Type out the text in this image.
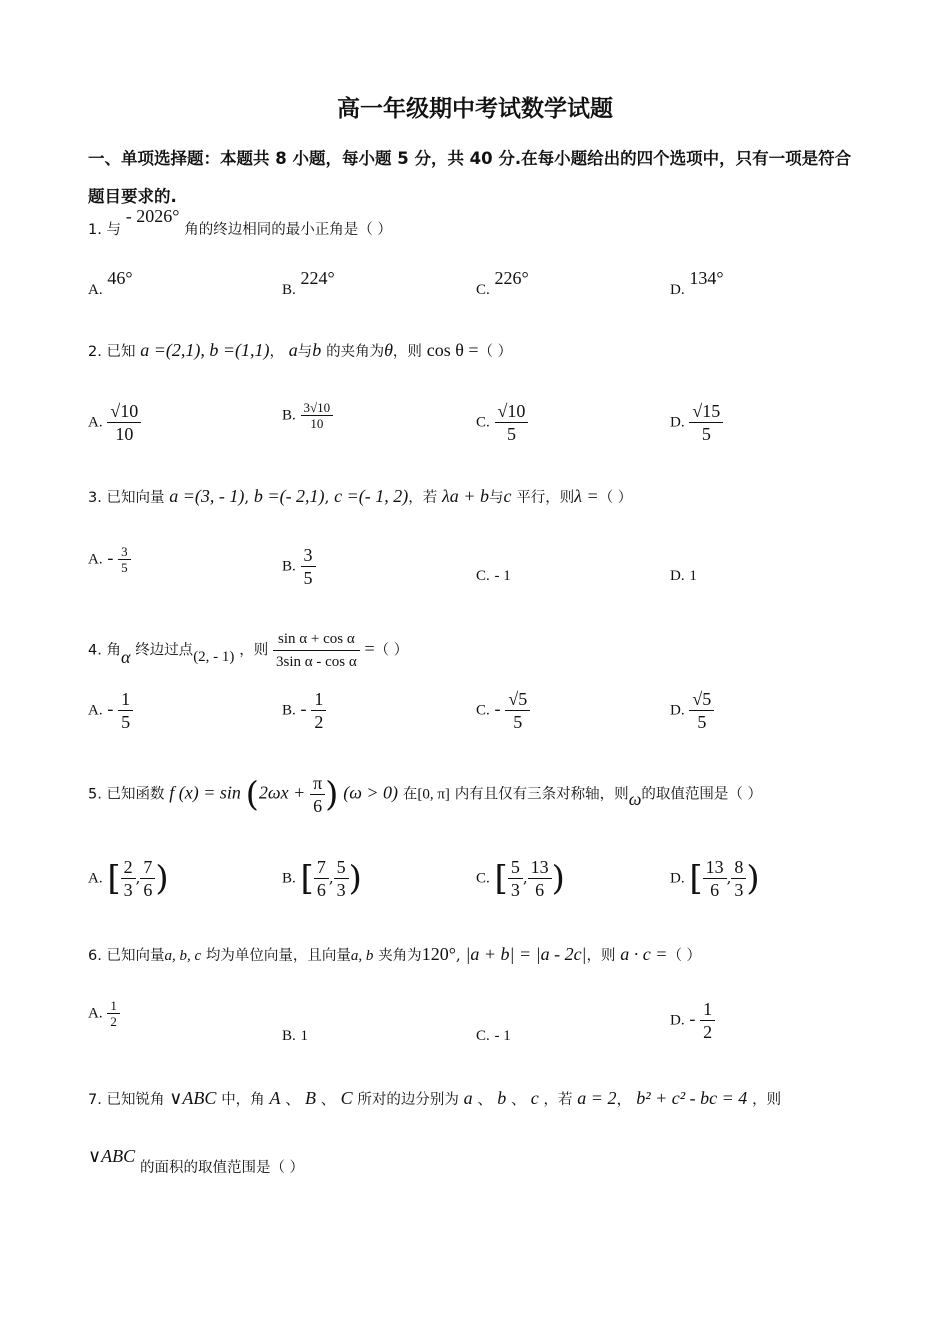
高一年级期中考试数学试题
一、单项选择题：本题共 8 小题，每小题 5 分，共 40 分.在每小题给出的四个选项中，只有一项是符合题目要求的.
1. 与 - 2026° 角的终边相同的最小正角是（ ）
A. 46°
B. 224°
C. 226°
D. 134°
2. 已知 a =(2,1), b =(1,1)， a与b 的夹角为θ，则 cos θ =（ ）
A. $\frac{√10}{10}$	B. $\frac{3√10}{10}$	C. $\frac{√10}{5}$	D. $\frac{√15}{5}$
3. 已知向量 a =(3, - 1), b =(- 2,1), c =(- 1, 2)，若 λa + b与c 平行，则λ =（ ）
A. - $\frac{3}{5}$	B. $\frac{3}{5}$	C. - 1	D. 1
4. 角α 终边过点(2, - 1) ，则 $\frac{\text{sin α + cos α}}{\text{3sin α - cos α}}$ =（ ）
A. - $\frac{1}{5}$	B. - $\frac{1}{2}$	C. - $\frac{√5}{5}$	D. $\frac{√5}{5}$
5. 已知函数 f $(x) = \sin (2\omega x + \frac{\pi}{6}$ ) (ω > 0) 在[0, π] 内有且仅有三条对称轴，则ω的取值范围是（ ）
A. [ $\frac{2}{3}$ , $\frac{7}{6}$ )	B. [ $\frac{7}{6}$ , $\frac{5}{3}$ )	C. [ $\frac{5}{3}$ , $\frac{13}{6}$ )	D. [ $\frac{13}{6}$ , $\frac{8}{3}$ )
6. 已知向量a, b, c 均为单位向量，且向量a, b 夹角为120°, |a + b| = |a - 2c|，则 a · c =（ ）
A. $\frac{1}{2}$
B. 1	C. - 1
D. - $\frac{1}{2}$
7. 已知锐角 ∨ABC 中，角 A 、 B 、 C 所对的边分别为 a 、 b 、 c ，若 a = 2， b² + c² - bc = 4 ，则
∨ABC 的面积的取值范围是（ ）
